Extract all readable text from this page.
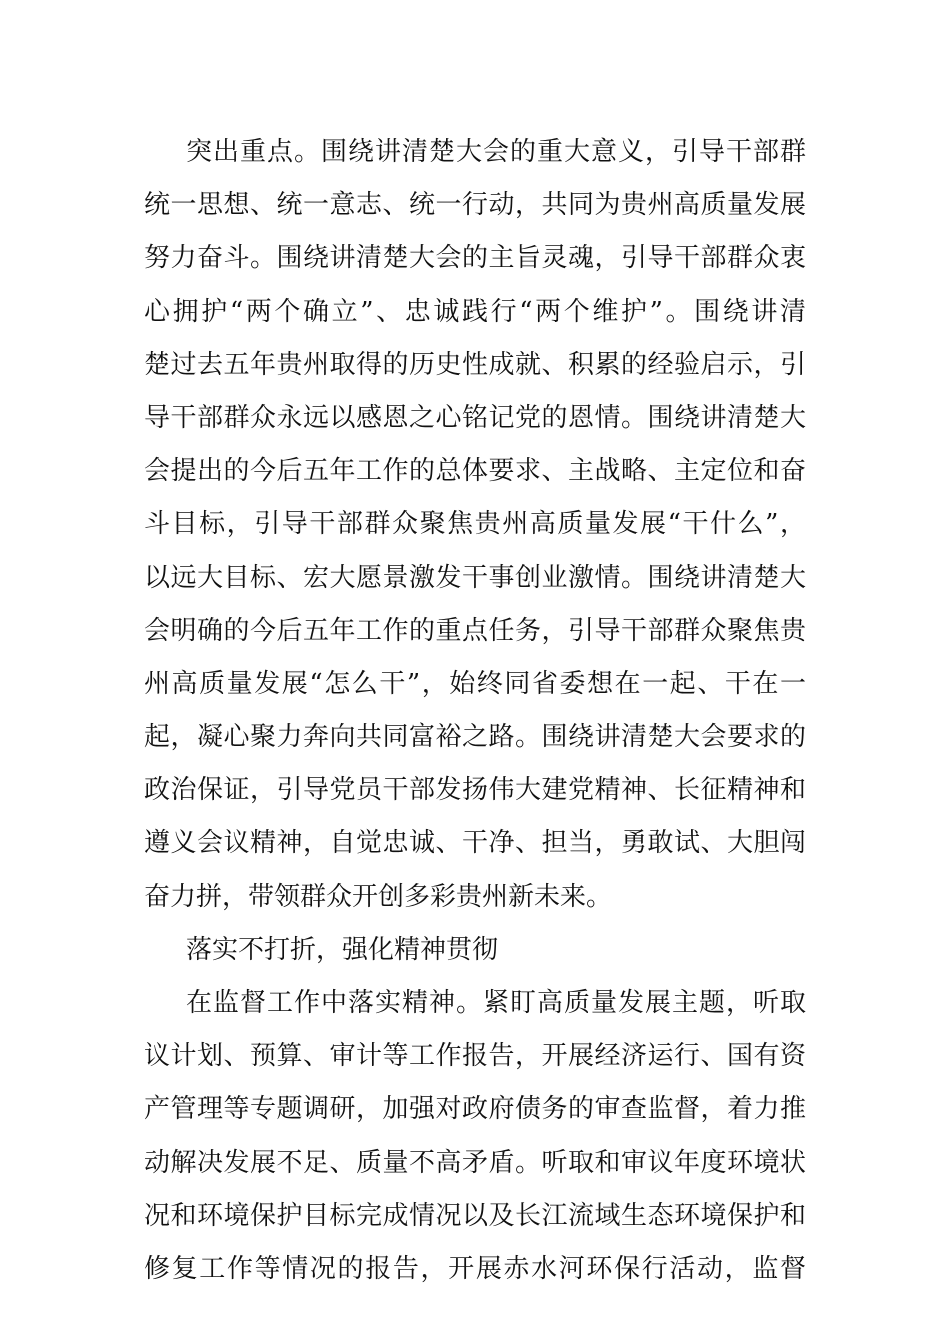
突出重点。围绕讲清楚大会的重大意义，引导干部群
统一思想、统一意志、统一行动，共同为贵州高质量发展
努力奋斗。围绕讲清楚大会的主旨灵魂，引导干部群众衷
心拥护“两个确立”、忠诚践行“两个维护”。围绕讲清
楚过去五年贵州取得的历史性成就、积累的经验启示，引
导干部群众永远以感恩之心铭记党的恩情。围绕讲清楚大
会提出的今后五年工作的总体要求、主战略、主定位和奋
斗目标，引导干部群众聚焦贵州高质量发展“干什么”，
以远大目标、宏大愿景激发干事创业激情。围绕讲清楚大
会明确的今后五年工作的重点任务，引导干部群众聚焦贵
州高质量发展“怎么干”，始终同省委想在一起、干在一
起，凝心聚力奔向共同富裕之路。围绕讲清楚大会要求的
政治保证，引导党员干部发扬伟大建党精神、长征精神和
遵义会议精神，自觉忠诚、干净、担当，勇敢试、大胆闯
奋力拼，带领群众开创多彩贵州新未来。
落实不打折，强化精神贯彻
在监督工作中落实精神。紧盯高质量发展主题，听取
议计划、预算、审计等工作报告，开展经济运行、国有资
产管理等专题调研，加强对政府债务的审查监督，着力推
动解决发展不足、质量不高矛盾。听取和审议年度环境状
况和环境保护目标完成情况以及长江流域生态环境保护和
修复工作等情况的报告，开展赤水河环保行活动，监督
